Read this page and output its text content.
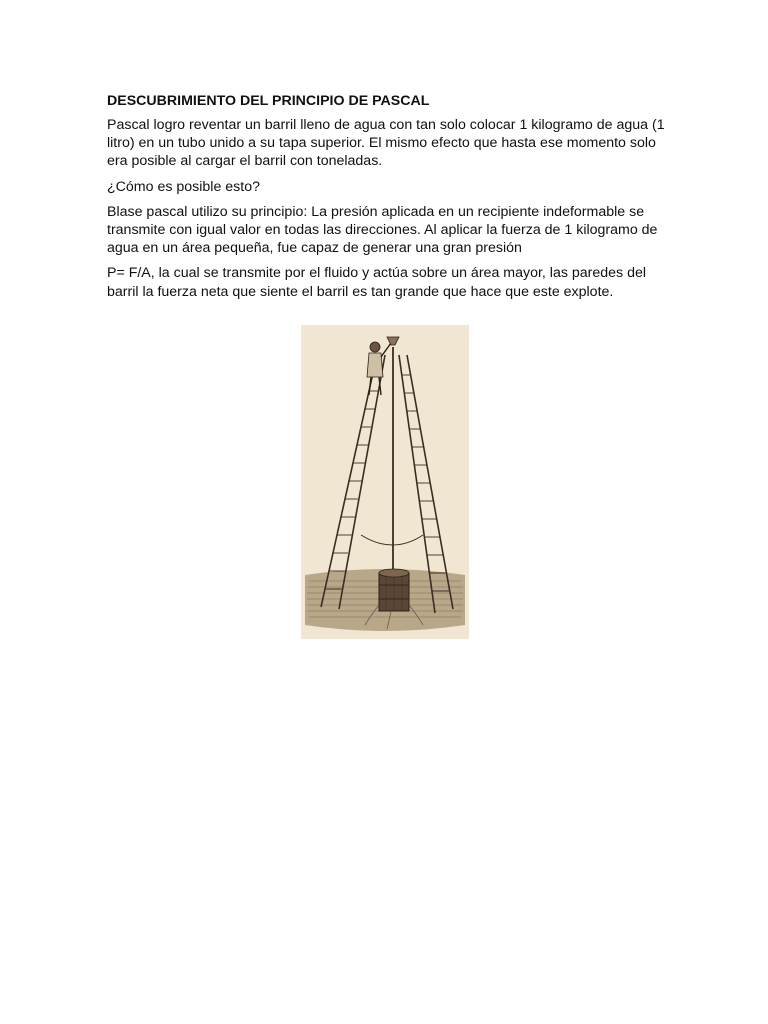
DESCUBRIMIENTO DEL PRINCIPIO DE PASCAL

Pascal logro reventar un barril lleno de agua con tan solo colocar 1 kilogramo de agua (1 litro) en un tubo unido a su tapa superior. El mismo efecto que hasta ese momento solo era posible al cargar el barril con toneladas.

¿Cómo es posible esto?

Blase pascal utilizo su principio: La presión aplicada en un recipiente indeformable se transmite con igual valor en todas las direcciones. Al aplicar la fuerza de 1 kilogramo de agua en un área pequeña, fue capaz de generar una gran presión

P= F/A, la cual se transmite por el fluido y actúa sobre un área mayor, las paredes del barril la fuerza neta que siente el barril es tan grande que hace que este explote.
